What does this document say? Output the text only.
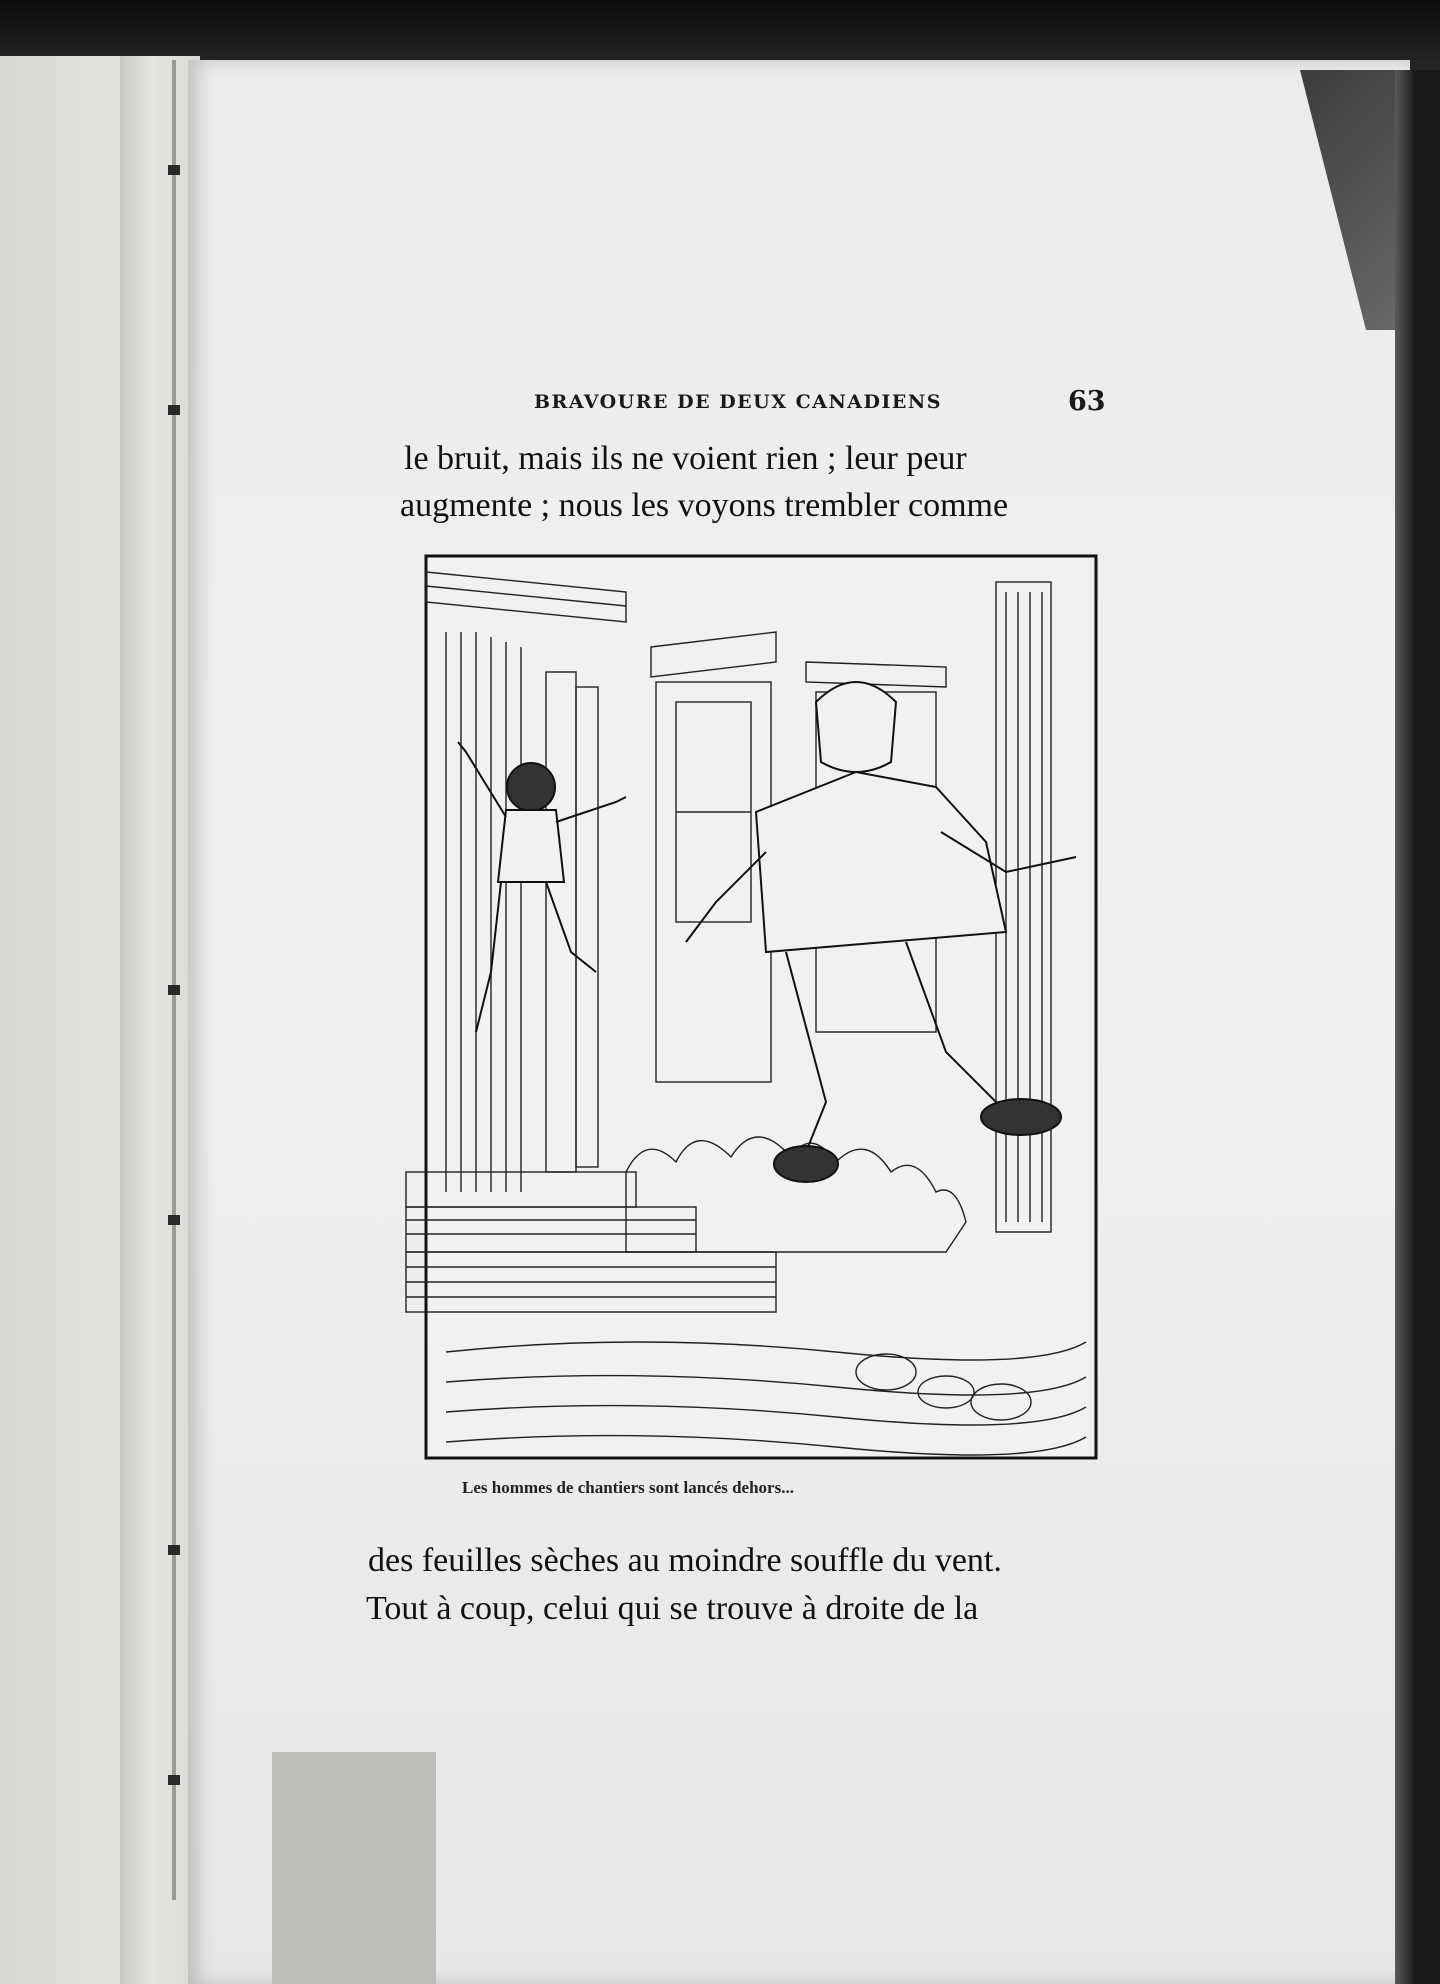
BRAVOURE DE DEUX CANADIENS	63

le bruit, mais ils ne voient rien ; leur peur

augmente ; nous les voyons trembler comme

Les hommes de chantiers sont lancés dehors...

des feuilles sèches au moindre souffle du vent.

Tout à coup, celui qui se trouve à droite de la
